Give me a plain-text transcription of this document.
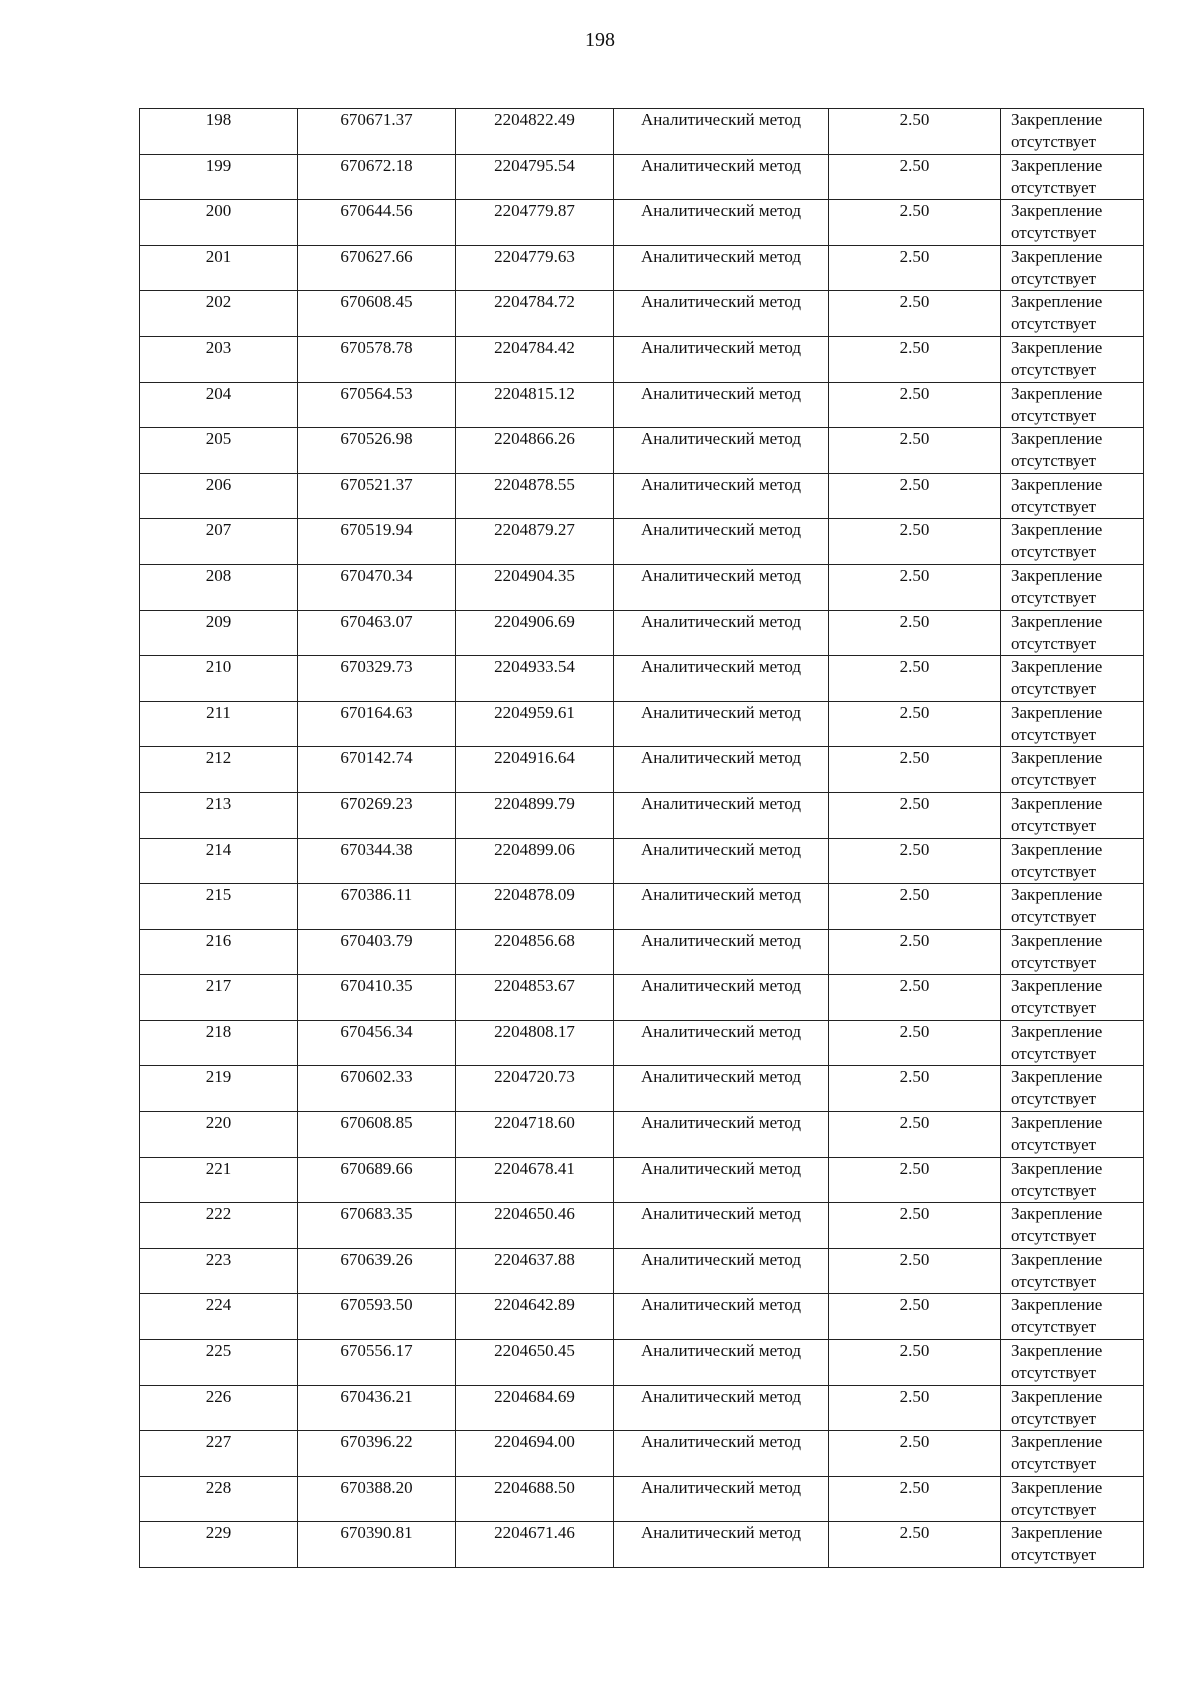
198
198	670671.37	2204822.49	Аналитический метод	2.50	Закрепление отсутствует
199	670672.18	2204795.54	Аналитический метод	2.50	Закрепление отсутствует
200	670644.56	2204779.87	Аналитический метод	2.50	Закрепление отсутствует
201	670627.66	2204779.63	Аналитический метод	2.50	Закрепление отсутствует
202	670608.45	2204784.72	Аналитический метод	2.50	Закрепление отсутствует
203	670578.78	2204784.42	Аналитический метод	2.50	Закрепление отсутствует
204	670564.53	2204815.12	Аналитический метод	2.50	Закрепление отсутствует
205	670526.98	2204866.26	Аналитический метод	2.50	Закрепление отсутствует
206	670521.37	2204878.55	Аналитический метод	2.50	Закрепление отсутствует
207	670519.94	2204879.27	Аналитический метод	2.50	Закрепление отсутствует
208	670470.34	2204904.35	Аналитический метод	2.50	Закрепление отсутствует
209	670463.07	2204906.69	Аналитический метод	2.50	Закрепление отсутствует
210	670329.73	2204933.54	Аналитический метод	2.50	Закрепление отсутствует
211	670164.63	2204959.61	Аналитический метод	2.50	Закрепление отсутствует
212	670142.74	2204916.64	Аналитический метод	2.50	Закрепление отсутствует
213	670269.23	2204899.79	Аналитический метод	2.50	Закрепление отсутствует
214	670344.38	2204899.06	Аналитический метод	2.50	Закрепление отсутствует
215	670386.11	2204878.09	Аналитический метод	2.50	Закрепление отсутствует
216	670403.79	2204856.68	Аналитический метод	2.50	Закрепление отсутствует
217	670410.35	2204853.67	Аналитический метод	2.50	Закрепление отсутствует
218	670456.34	2204808.17	Аналитический метод	2.50	Закрепление отсутствует
219	670602.33	2204720.73	Аналитический метод	2.50	Закрепление отсутствует
220	670608.85	2204718.60	Аналитический метод	2.50	Закрепление отсутствует
221	670689.66	2204678.41	Аналитический метод	2.50	Закрепление отсутствует
222	670683.35	2204650.46	Аналитический метод	2.50	Закрепление отсутствует
223	670639.26	2204637.88	Аналитический метод	2.50	Закрепление отсутствует
224	670593.50	2204642.89	Аналитический метод	2.50	Закрепление отсутствует
225	670556.17	2204650.45	Аналитический метод	2.50	Закрепление отсутствует
226	670436.21	2204684.69	Аналитический метод	2.50	Закрепление отсутствует
227	670396.22	2204694.00	Аналитический метод	2.50	Закрепление отсутствует
228	670388.20	2204688.50	Аналитический метод	2.50	Закрепление отсутствует
229	670390.81	2204671.46	Аналитический метод	2.50	Закрепление отсутствует
